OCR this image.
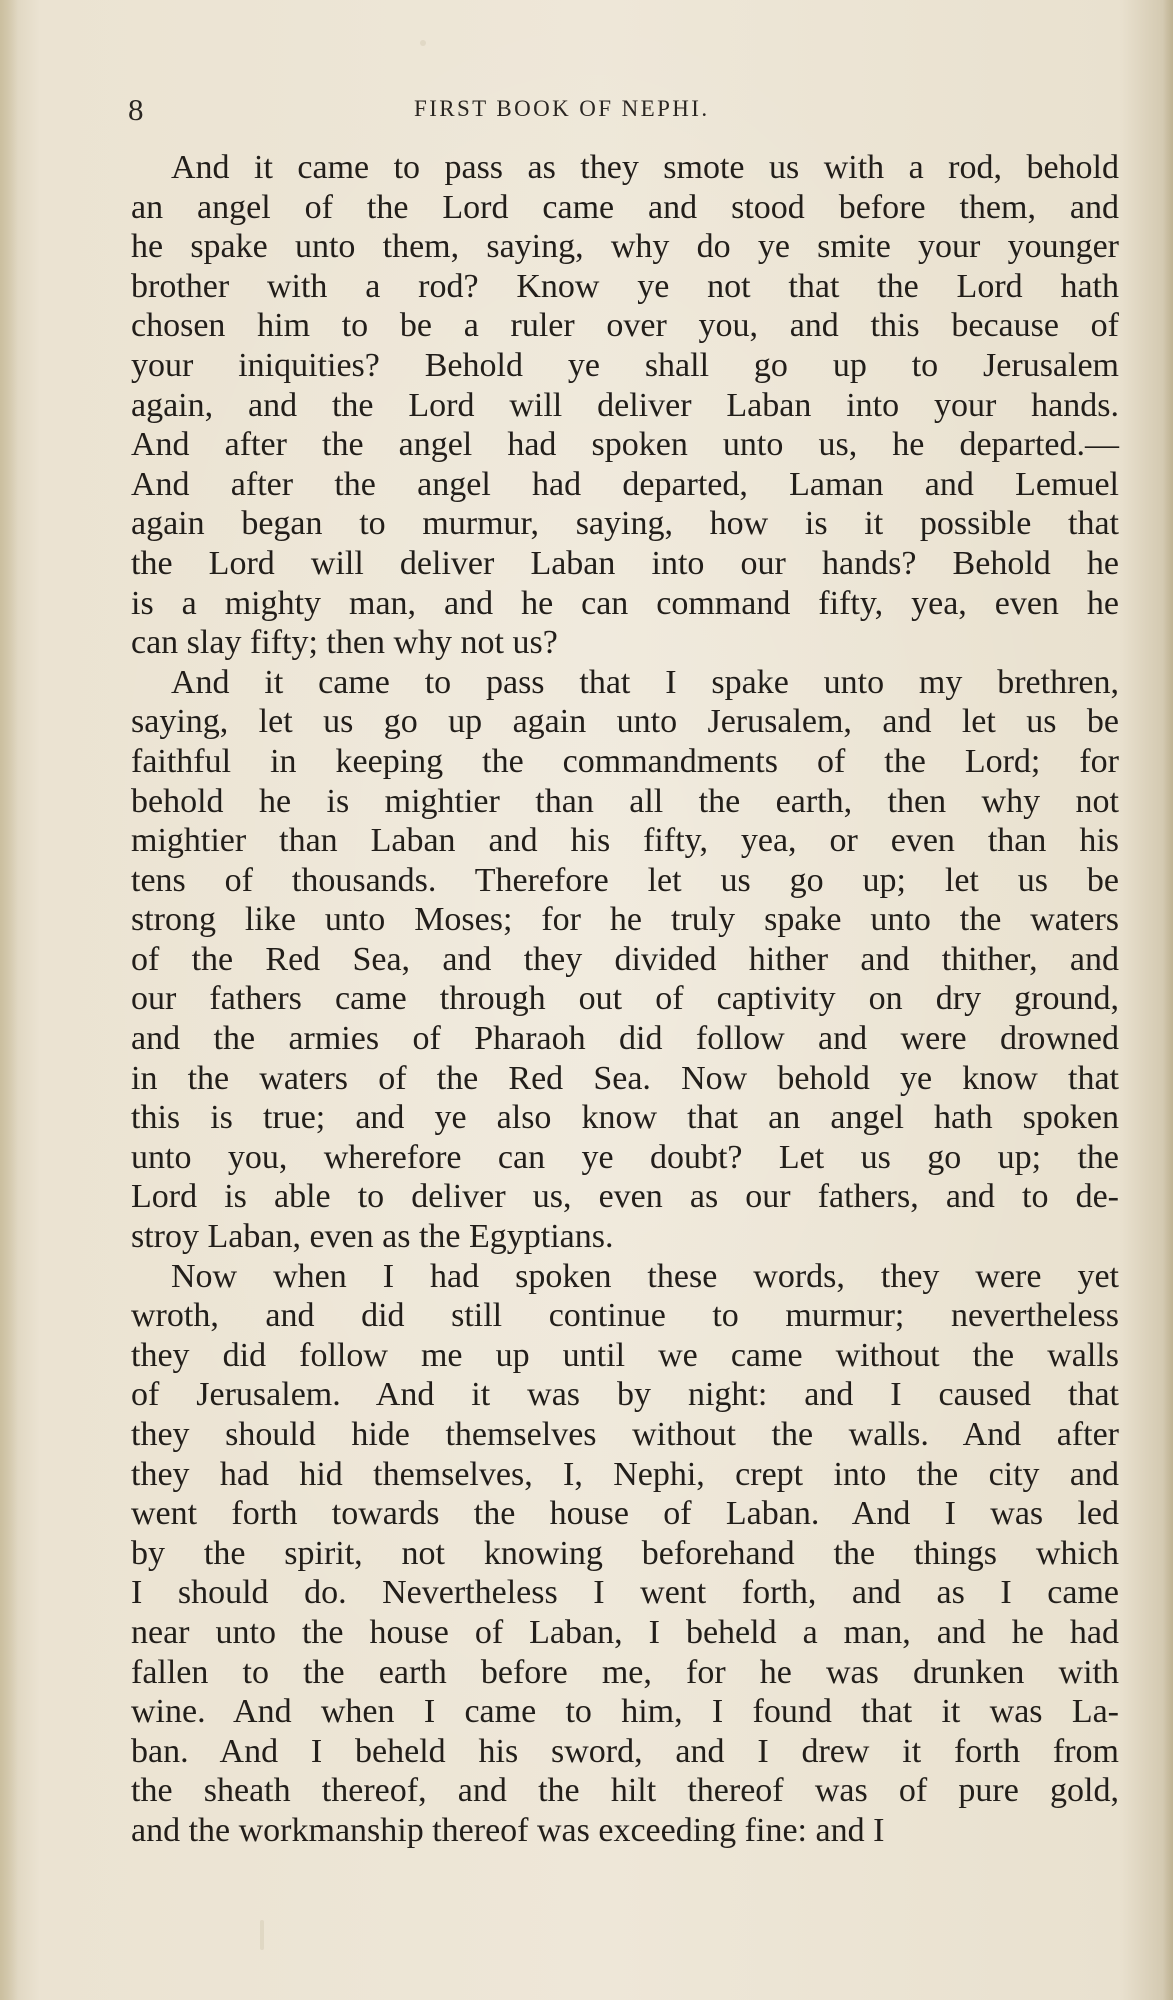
8	FIRST BOOK OF NEPHI.
And it came to pass as they smote us with a rod, behold
an angel of the Lord came and stood before them, and
he spake unto them, saying, why do ye smite your younger
brother with a rod? Know ye not that the Lord hath
chosen him to be a ruler over you, and this because of
your iniquities? Behold ye shall go up to Jerusalem
again, and the Lord will deliver Laban into your hands.
And after the angel had spoken unto us, he departed.—
And after the angel had departed, Laman and Lemuel
again began to murmur, saying, how is it possible that
the Lord will deliver Laban into our hands? Behold he
is a mighty man, and he can command fifty, yea, even he
can slay fifty; then why not us?
And it came to pass that I spake unto my brethren,
saying, let us go up again unto Jerusalem, and let us be
faithful in keeping the commandments of the Lord; for
behold he is mightier than all the earth, then why not
mightier than Laban and his fifty, yea, or even than his
tens of thousands. Therefore let us go up; let us be
strong like unto Moses; for he truly spake unto the waters
of the Red Sea, and they divided hither and thither, and
our fathers came through out of captivity on dry ground,
and the armies of Pharaoh did follow and were drowned
in the waters of the Red Sea. Now behold ye know that
this is true; and ye also know that an angel hath spoken
unto you, wherefore can ye doubt? Let us go up; the
Lord is able to deliver us, even as our fathers, and to de-
stroy Laban, even as the Egyptians.
Now when I had spoken these words, they were yet
wroth, and did still continue to murmur; nevertheless
they did follow me up until we came without the walls
of Jerusalem. And it was by night: and I caused that
they should hide themselves without the walls. And after
they had hid themselves, I, Nephi, crept into the city and
went forth towards the house of Laban. And I was led
by the spirit, not knowing beforehand the things which
I should do. Nevertheless I went forth, and as I came
near unto the house of Laban, I beheld a man, and he had
fallen to the earth before me, for he was drunken with
wine. And when I came to him, I found that it was La-
ban. And I beheld his sword, and I drew it forth from
the sheath thereof, and the hilt thereof was of pure gold,
and the workmanship thereof was exceeding fine: and I
